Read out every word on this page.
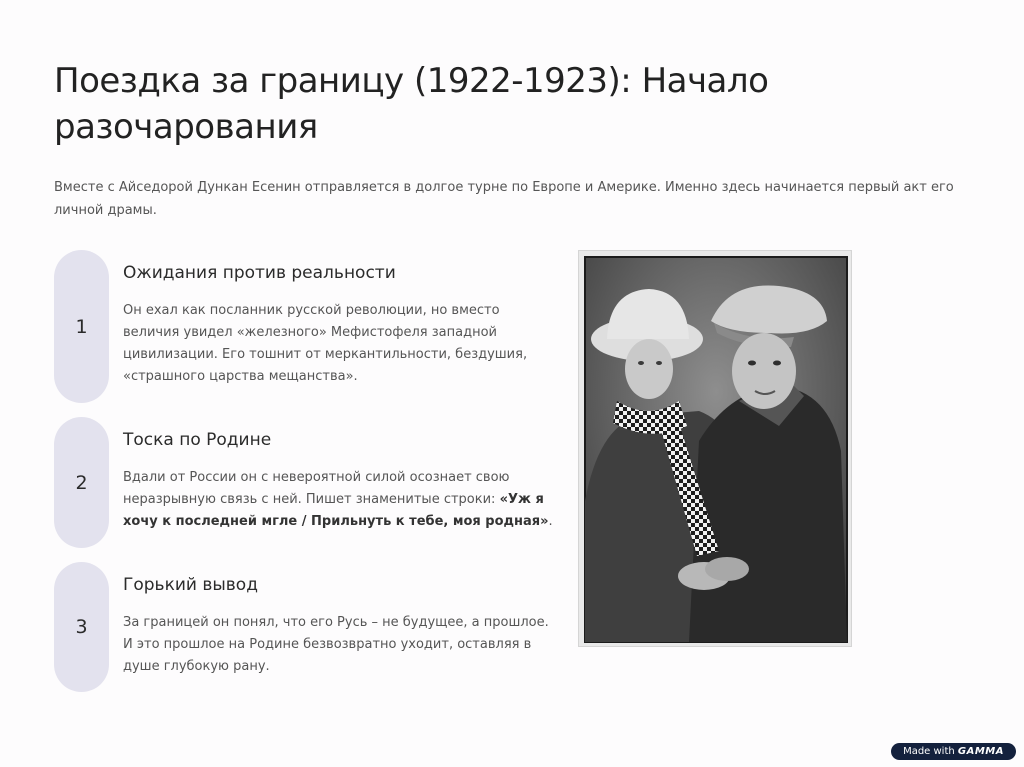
Поездка за границу (1922-1923): Начало разочарования

Вместе с Айседорой Дункан Есенин отправляется в долгое турне по Европе и Америке. Именно здесь начинается первый акт его личной драмы.

1
Ожидания против реальности

Он ехал как посланник русской революции, но вместо величия увидел «железного» Мефистофеля западной цивилизации. Его тошнит от меркантильности, бездушия, «страшного царства мещанства».

2
Тоска по Родине

Вдали от России он с невероятной силой осознает свою неразрывную связь с ней. Пишет знаменитые строки: «Уж я хочу к последней мгле / Прильнуть к тебе, моя родная».

3
Горький вывод

За границей он понял, что его Русь – не будущее, а прошлое. И это прошлое на Родине безвозвратно уходит, оставляя в душе глубокую рану.

Made with GAMMA
